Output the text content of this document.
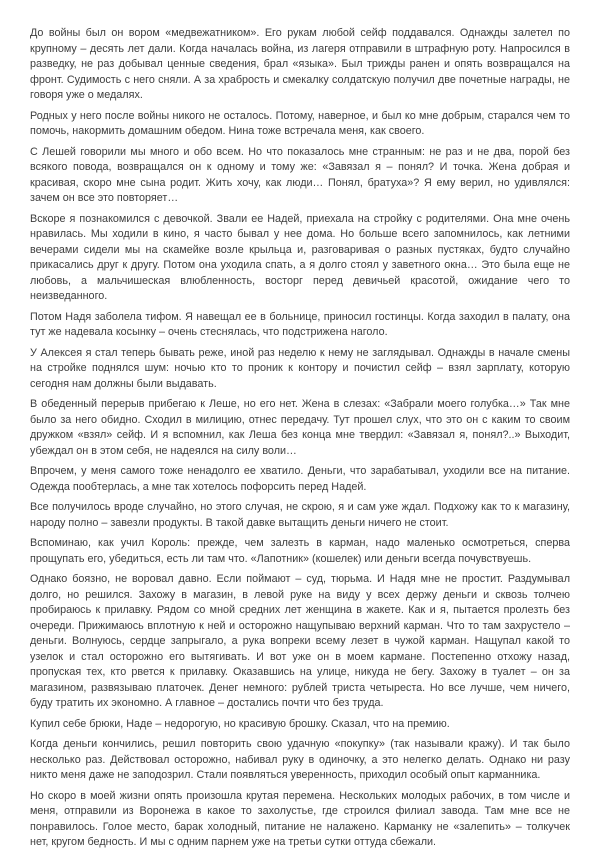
До войны был он вором «медвежатником». Его рукам любой сейф поддавался. Однажды залетел по крупному – десять лет дали. Когда началась война, из лагеря отправили в штрафную роту. Напросился в разведку, не раз добывал ценные сведения, брал «языка». Был трижды ранен и опять возвращался на фронт. Судимость с него сняли. А за храбрость и смекалку солдатскую получил две почетные награды, не говоря уже о медалях.

Родных у него после войны никого не осталось. Потому, наверное, и был ко мне добрым, старался чем то помочь, накормить домашним обедом. Нина тоже встречала меня, как своего.

С Лешей говорили мы много и обо всем. Но что показалось мне странным: не раз и не два, порой без всякого повода, возвращался он к одному и тому же: «Завязал я – понял? И точка. Жена добрая и красивая, скоро мне сына родит. Жить хочу, как люди… Понял, братуха»? Я ему верил, но удивлялся: зачем он все это повторяет…

Вскоре я познакомился с девочкой. Звали ее Надей, приехала на стройку с родителями. Она мне очень нравилась. Мы ходили в кино, я часто бывал у нее дома. Но больше всего запомнилось, как летними вечерами сидели мы на скамейке возле крыльца и, разговаривая о разных пустяках, будто случайно прикасались друг к другу. Потом она уходила спать, а я долго стоял у заветного окна… Это была еще не любовь, а мальчишеская влюбленность, восторг перед девичьей красотой, ожидание чего то неизведанного.

Потом Надя заболела тифом. Я навещал ее в больнице, приносил гостинцы. Когда заходил в палату, она тут же надевала косынку – очень стеснялась, что подстрижена наголо.

У Алексея я стал теперь бывать реже, иной раз неделю к нему не заглядывал. Однажды в начале смены на стройке поднялся шум: ночью кто то проник к контору и почистил сейф – взял зарплату, которую сегодня нам должны были выдавать.

В обеденный перерыв прибегаю к Леше, но его нет. Жена в слезах: «Забрали моего голубка…» Так мне было за него обидно. Сходил в милицию, отнес передачу. Тут прошел слух, что это он с каким то своим дружком «взял» сейф. И я вспомнил, как Леша без конца мне твердил: «Завязал я, понял?..» Выходит, убеждал он в этом себя, не надеялся на силу воли…

Впрочем, у меня самого тоже ненадолго ее хватило. Деньги, что зарабатывал, уходили все на питание. Одежда пообтерлась, а мне так хотелось пофорсить перед Надей.

Все получилось вроде случайно, но этого случая, не скрою, я и сам уже ждал. Подхожу как то к магазину, народу полно – завезли продукты. В такой давке вытащить деньги ничего не стоит.

Вспоминаю, как учил Король: прежде, чем залезть в карман, надо маленько осмотреться, сперва прощупать его, убедиться, есть ли там что. «Лапотник» (кошелек) или деньги всегда почувствуешь.

Однако боязно, не воровал давно. Если поймают – суд, тюрьма. И Надя мне не простит. Раздумывал долго, но решился. Захожу в магазин, в левой руке на виду у всех держу деньги и сквозь толчею пробираюсь к прилавку. Рядом со мной средних лет женщина в жакете. Как и я, пытается пролезть без очереди. Прижимаюсь вплотную к ней и осторожно нащупываю верхний карман. Что то там захрустело – деньги. Волнуюсь, сердце запрыгало, а рука вопреки всему лезет в чужой карман. Нащупал какой то узелок и стал осторожно его вытягивать. И вот уже он в моем кармане. Постепенно отхожу назад, пропуская тех, кто рвется к прилавку. Оказавшись на улице, никуда не бегу. Захожу в туалет – он за магазином, развязываю платочек. Денег немного: рублей триста четыреста. Но все лучше, чем ничего, буду тратить их экономно. А главное – достались почти что без труда.

Купил себе брюки, Наде – недорогую, но красивую брошку. Сказал, что на премию.

Когда деньги кончились, решил повторить свою удачную «покупку» (так называли кражу). И так было несколько раз. Действовал осторожно, набивал руку в одиночку, а это нелегко делать. Однако ни разу никто меня даже не заподозрил. Стали появляться уверенность, приходил особый опыт карманника.

Но скоро в моей жизни опять произошла крутая перемена. Нескольких молодых рабочих, в том числе и меня, отправили из Воронежа в какое то захолустье, где строился филиал завода. Там мне все не понравилось. Голое место, барак холодный, питание не налажено. Карманку не «залепить» – толкучек нет, кругом бедность. И мы с одним парнем уже на третьи сутки оттуда сбежали.
